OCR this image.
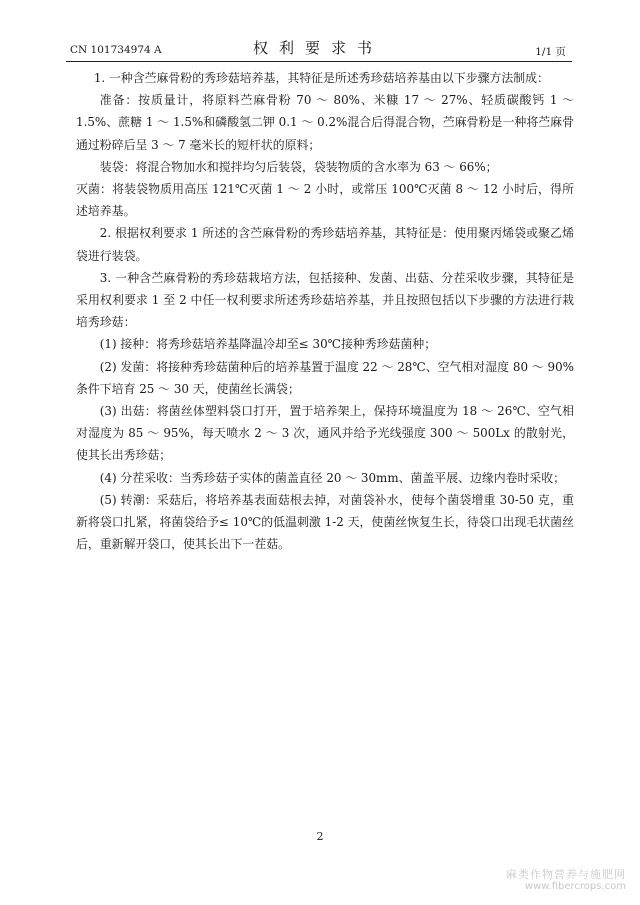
CN 101734974 A	权利要求书	1/1 页

1. 一种含苎麻骨粉的秀珍菇培养基，其特征是所述秀珍菇培养基由以下步骤方法制成：

准备：按质量计，将原料苎麻骨粉 70 ～ 80%、米糠 17 ～ 27%、轻质碳酸钙 1 ～ 1.5%、蔗糖 1 ～ 1.5%和磷酸氢二钾 0.1 ～ 0.2%混合后得混合物，苎麻骨粉是一种将苎麻骨通过粉碎后呈 3 ～ 7 毫米长的短杆状的原料；

装袋：将混合物加水和搅拌均匀后装袋，袋装物质的含水率为 63 ～ 66%；

灭菌：将装袋物质用高压 121℃灭菌 1 ～ 2 小时，或常压 100℃灭菌 8 ～ 12 小时后，得所述培养基。

2. 根据权利要求 1 所述的含苎麻骨粉的秀珍菇培养基，其特征是：使用聚丙烯袋或聚乙烯袋进行装袋。

3. 一种含苎麻骨粉的秀珍菇栽培方法，包括接种、发菌、出菇、分茬采收步骤，其特征是采用权利要求 1 至 2 中任一权利要求所述秀珍菇培养基，并且按照包括以下步骤的方法进行栽培秀珍菇：

(1) 接种：将秀珍菇培养基降温冷却至≤ 30℃接种秀珍菇菌种；

(2) 发菌：将接种秀珍菇菌种后的培养基置于温度 22 ～ 28℃、空气相对湿度 80 ～ 90%条件下培育 25 ～ 30 天，使菌丝长满袋；

(3) 出菇：将菌丝体塑料袋口打开，置于培养架上，保持环境温度为 18 ～ 26℃、空气相对湿度为 85 ～ 95%，每天喷水 2 ～ 3 次，通风并给予光线强度 300 ～ 500Lx 的散射光，使其长出秀珍菇；

(4) 分茬采收：当秀珍菇子实体的菌盖直径 20 ～ 30mm、菌盖平展、边缘内卷时采收；

(5) 转潮：采菇后，将培养基表面菇根去掉，对菌袋补水，使每个菌袋增重 30-50 克，重新将袋口扎紧，将菌袋给予≤ 10℃的低温刺激 1-2 天，使菌丝恢复生长，待袋口出现毛状菌丝后，重新解开袋口，使其长出下一茬菇。

2
麻类作物营养与施肥网
www.fibercrops.com
